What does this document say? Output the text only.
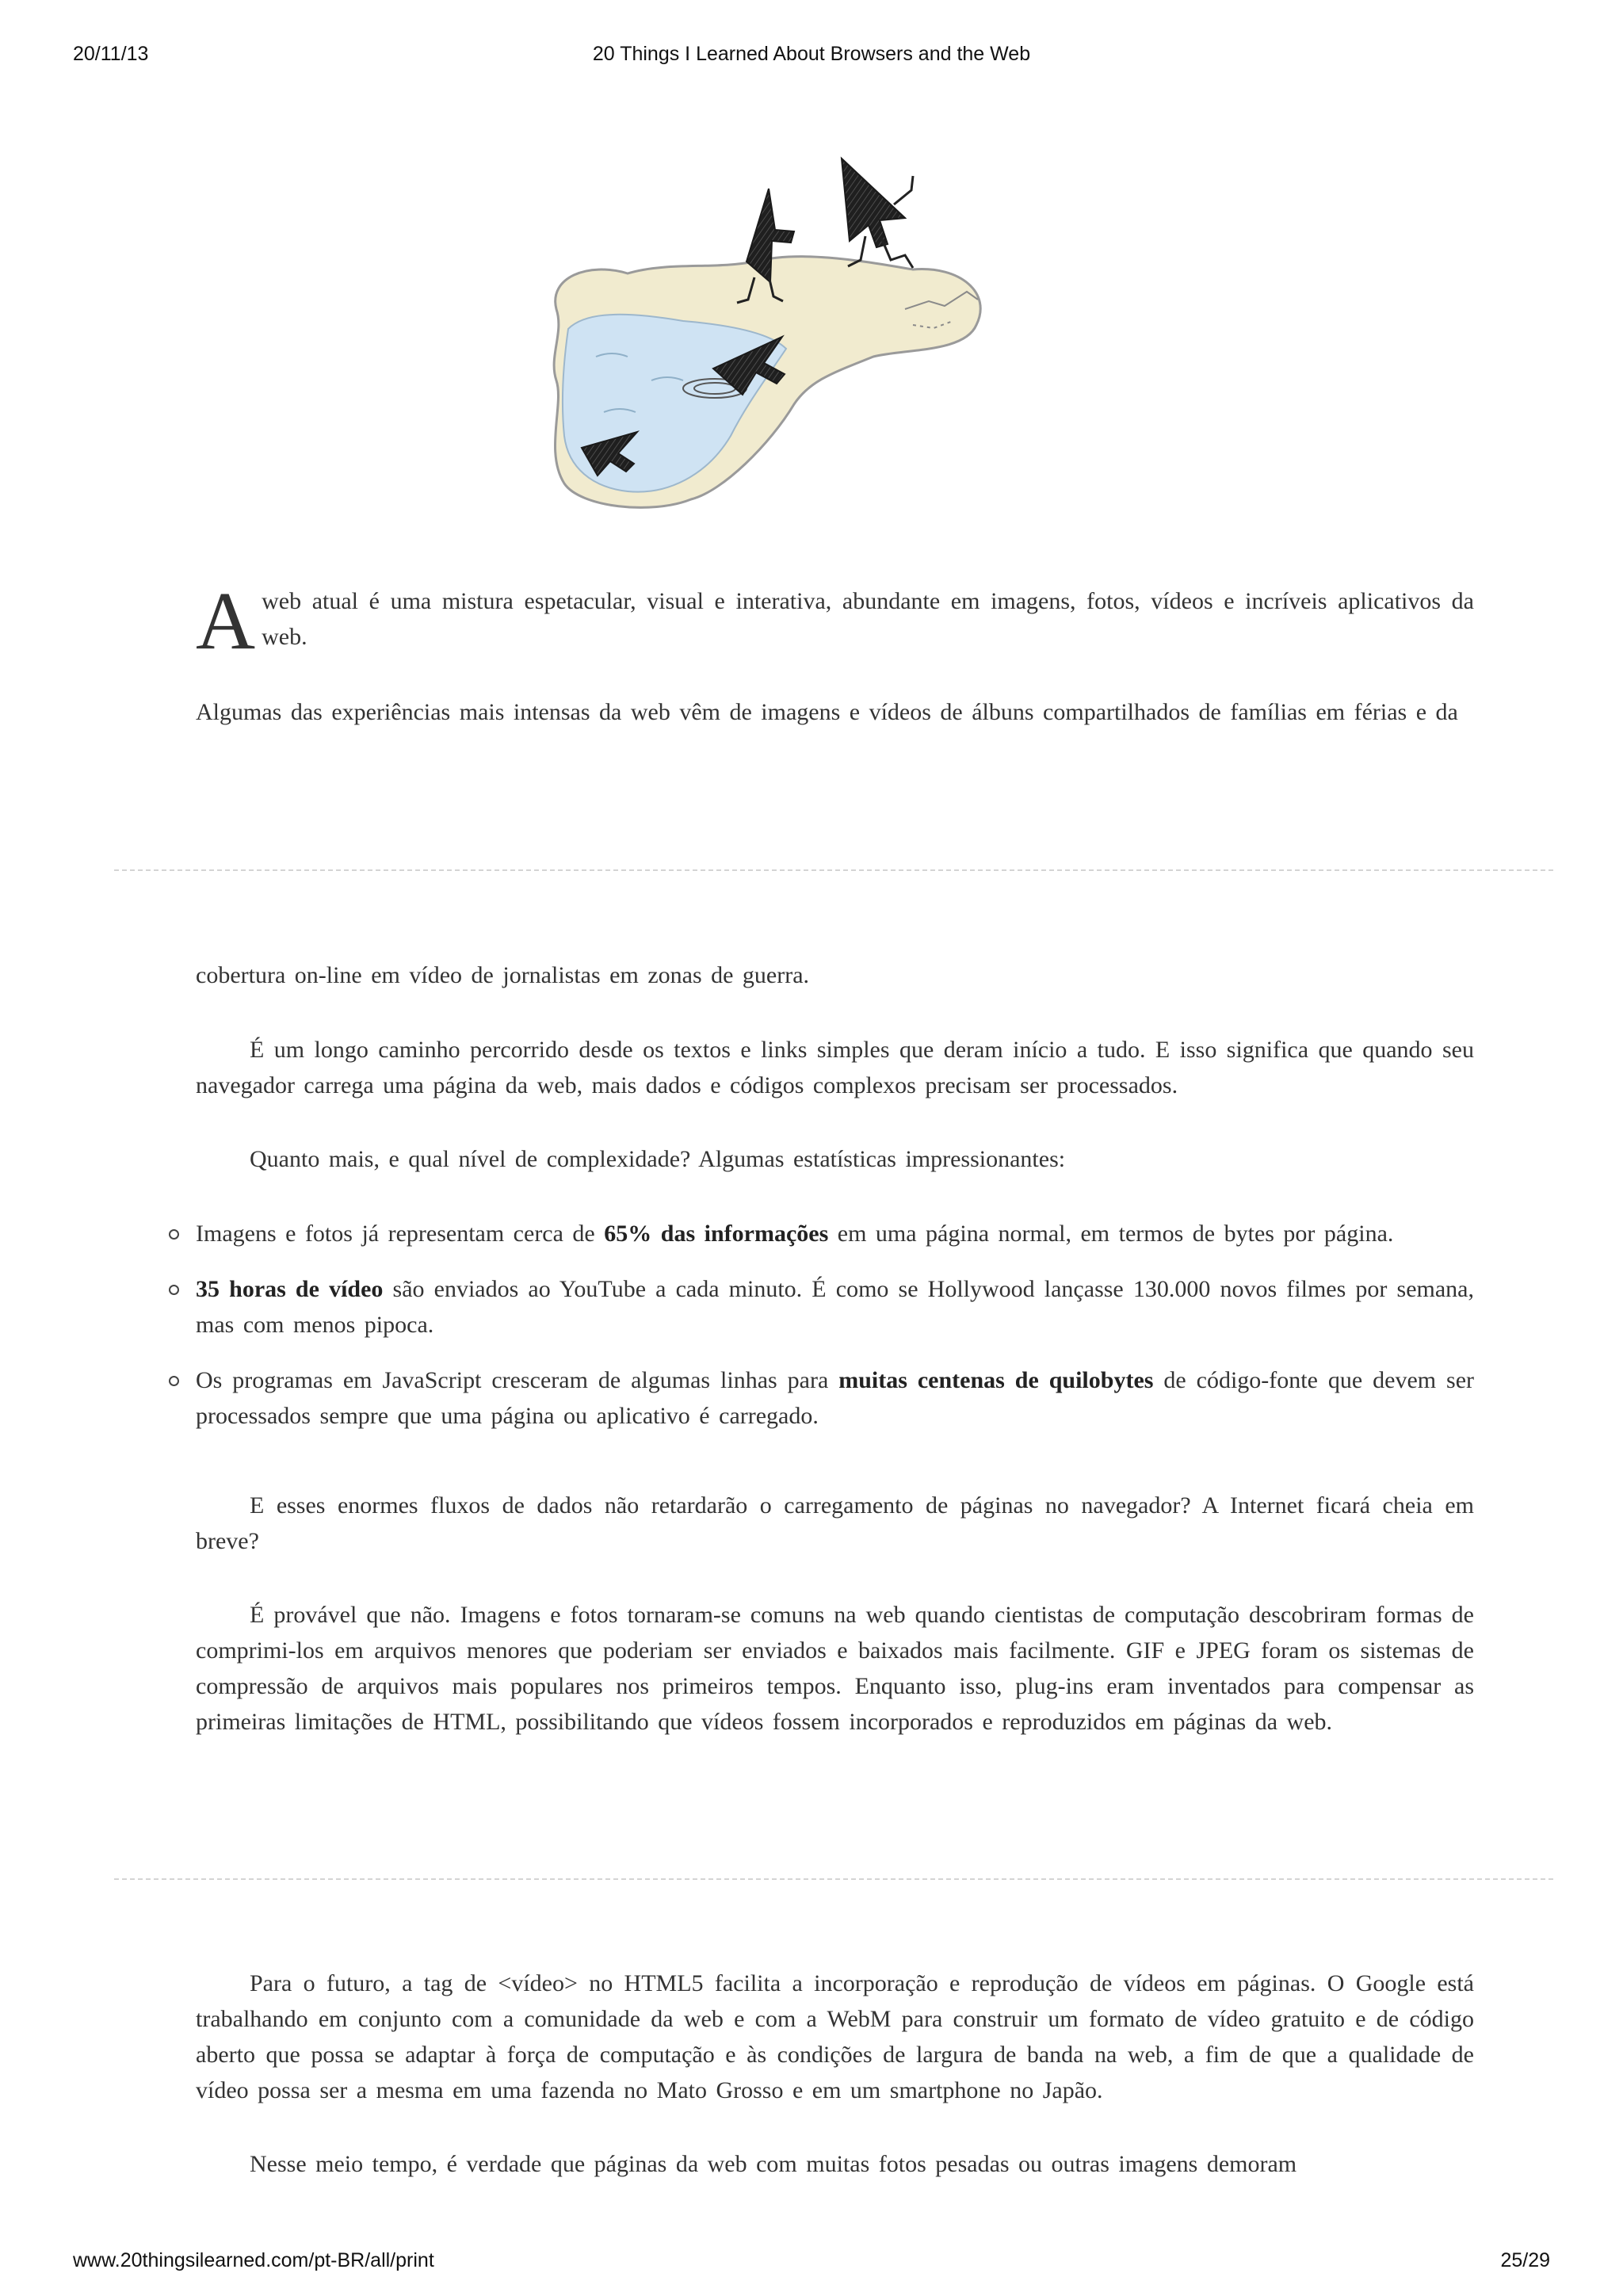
20/11/13	20 Things I Learned About Browsers and the Web
A web atual é uma mistura espetacular, visual e interativa, abundante em imagens, fotos, vídeos e incríveis aplicativos da web.

Algumas das experiências mais intensas da web vêm de imagens e vídeos de álbuns compartilhados de famílias em férias e da

cobertura on-line em vídeo de jornalistas em zonas de guerra.

É um longo caminho percorrido desde os textos e links simples que deram início a tudo. E isso significa que quando seu navegador carrega uma página da web, mais dados e códigos complexos precisam ser processados.

Quanto mais, e qual nível de complexidade? Algumas estatísticas impressionantes:

Imagens e fotos já representam cerca de 65% das informações em uma página normal, em termos de bytes por página.
35 horas de vídeo são enviados ao YouTube a cada minuto. É como se Hollywood lançasse 130.000 novos filmes por semana, mas com menos pipoca.
Os programas em JavaScript cresceram de algumas linhas para muitas centenas de quilobytes de código-fonte que devem ser processados sempre que uma página ou aplicativo é carregado.

E esses enormes fluxos de dados não retardarão o carregamento de páginas no navegador? A Internet ficará cheia em breve?

É provável que não. Imagens e fotos tornaram-se comuns na web quando cientistas de computação descobriram formas de comprimi-los em arquivos menores que poderiam ser enviados e baixados mais facilmente. GIF e JPEG foram os sistemas de compressão de arquivos mais populares nos primeiros tempos. Enquanto isso, plug-ins eram inventados para compensar as primeiras limitações de HTML, possibilitando que vídeos fossem incorporados e reproduzidos em páginas da web.

Para o futuro, a tag de <vídeo> no HTML5 facilita a incorporação e reprodução de vídeos em páginas. O Google está trabalhando em conjunto com a comunidade da web e com a WebM para construir um formato de vídeo gratuito e de código aberto que possa se adaptar à força de computação e às condições de largura de banda na web, a fim de que a qualidade de vídeo possa ser a mesma em uma fazenda no Mato Grosso e em um smartphone no Japão.

Nesse meio tempo, é verdade que páginas da web com muitas fotos pesadas ou outras imagens demoram

www.20thingsilearned.com/pt-BR/all/print	25/29
